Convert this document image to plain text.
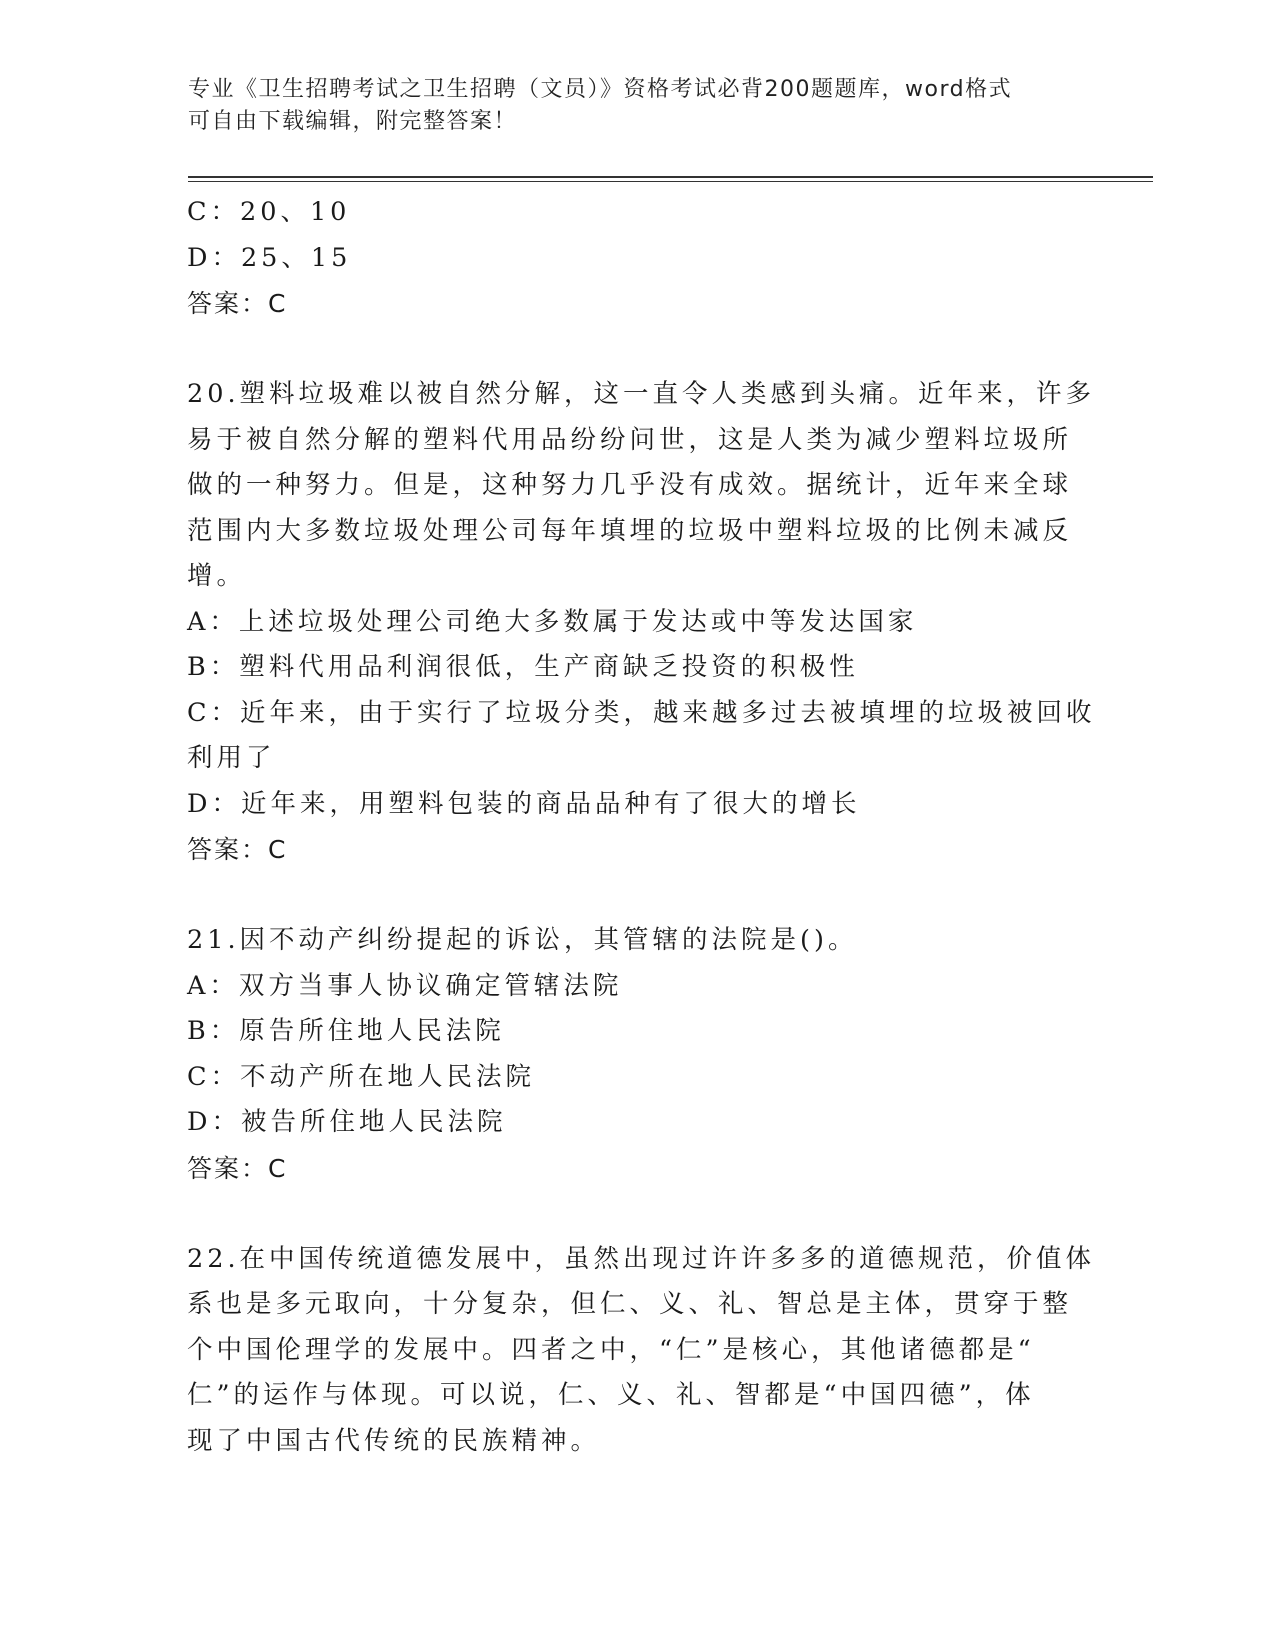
专业《卫生招聘考试之卫生招聘（文员）》资格考试必背200题题库，word格式
可自由下载编辑，附完整答案！
C：20、10
D：25、15
答案：C
20.塑料垃圾难以被自然分解，这一直令人类感到头痛。近年来，许多
易于被自然分解的塑料代用品纷纷问世，这是人类为减少塑料垃圾所
做的一种努力。但是，这种努力几乎没有成效。据统计，近年来全球
范围内大多数垃圾处理公司每年填埋的垃圾中塑料垃圾的比例未减反
增。
A：上述垃圾处理公司绝大多数属于发达或中等发达国家
B：塑料代用品利润很低，生产商缺乏投资的积极性
C：近年来，由于实行了垃圾分类，越来越多过去被填埋的垃圾被回收
利用了
D：近年来，用塑料包装的商品品种有了很大的增长
答案：C
21.因不动产纠纷提起的诉讼，其管辖的法院是()。
A：双方当事人协议确定管辖法院
B：原告所住地人民法院
C：不动产所在地人民法院
D：被告所住地人民法院
答案：C
22.在中国传统道德发展中，虽然出现过许许多多的道德规范，价值体
系也是多元取向，十分复杂，但仁、义、礼、智总是主体，贯穿于整
个中国伦理学的发展中。四者之中，“仁”是核心，其他诸德都是“
仁”的运作与体现。可以说，仁、义、礼、智都是“中国四德”，体
现了中国古代传统的民族精神。
